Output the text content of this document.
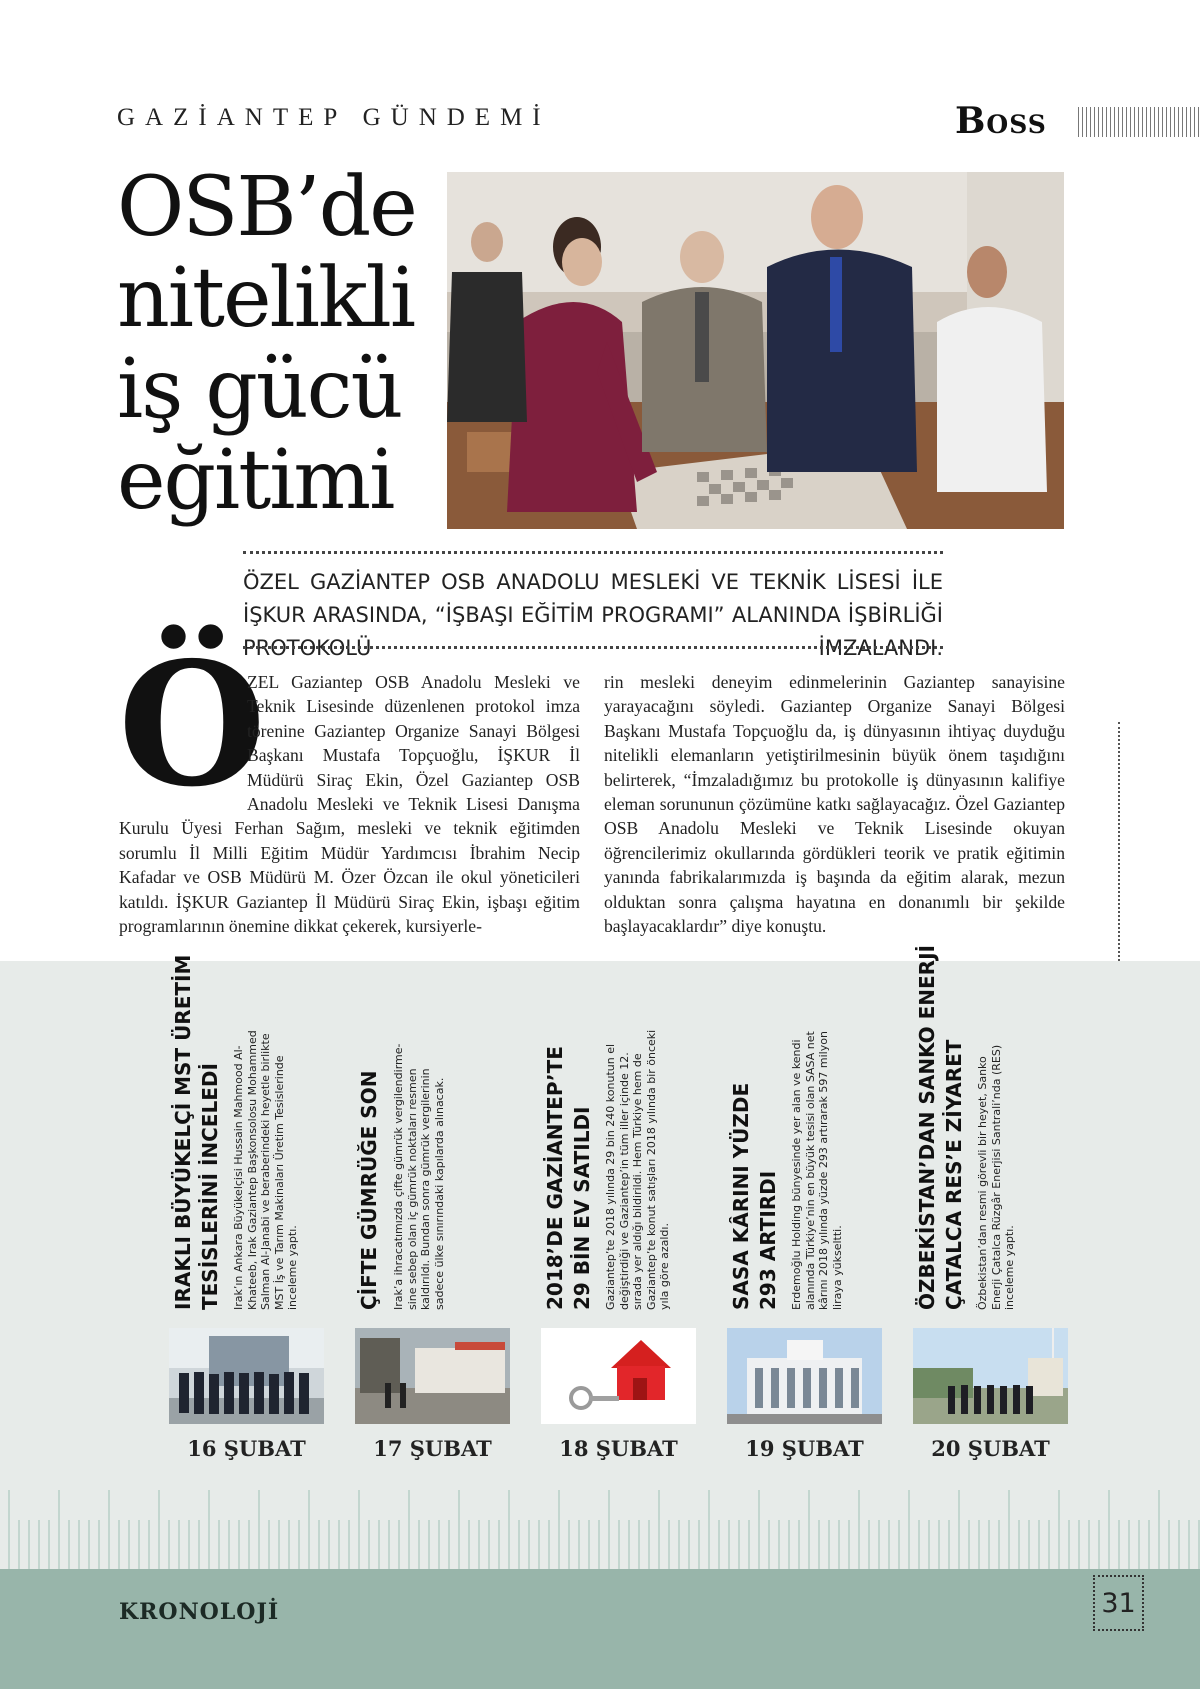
GAZİANTEP GÜNDEMİ	Boss
OSB’de
nitelikli
iş gücü
eğitimi
ÖZEL GAZİANTEP OSB ANADOLU MESLEKİ VE TEKNİK LİSESİ İLE İŞKUR ARASINDA, “İŞBAŞI EĞİTİM PROGRAMI” ALANINDA İŞBİRLİĞİ PROTOKOLÜ İMZALANDI.
Ö
ZEL Gaziantep OSB Anadolu Mesleki ve Teknik Lisesinde düzenlenen protokol imza törenine Gaziantep Organize Sanayi Bölgesi Başkanı Mustafa Topçuoğlu, İŞKUR İl Müdürü Siraç Ekin, Özel Gaziantep OSB Anadolu Mesleki ve Teknik Lisesi Danışma Kurulu Üyesi Ferhan Sağım, mesleki ve teknik eğitimden sorumlu İl Milli Eğitim Müdür Yardımcısı İbrahim Necip Kafadar ve OSB Müdürü M. Özer Özcan ile okul yöneticileri katıldı. İŞKUR Gaziantep İl Müdürü Siraç Ekin, işbaşı eğitim programlarının önemine dikkat çekerek, kursiyerle-
rin mesleki deneyim edinmelerinin Gaziantep sanayisine yarayacağını söyledi. Gaziantep Organize Sanayi Bölgesi Başkanı Mustafa Topçuoğlu da, iş dünyasının ihtiyaç duyduğu nitelikli elemanların yetiştirilmesinin büyük önem taşıdığını belirterek, “İmzaladığımız bu protokolle iş dünyasının kalifiye eleman sorununun çözümüne katkı sağlayacağız. Özel Gaziantep OSB Anadolu Mesleki ve Teknik Lisesinde okuyan öğrencilerimiz okullarında gördükleri teorik ve pratik eğitimin yanında fabrikalarımızda iş başında da eğitim alarak, mezun olduktan sonra çalışma hayatına en donanımlı bir şekilde başlayacaklardır” diye konuştu.
IRAKLI BÜYÜKELÇİ MST ÜRETİM TESİSLERİNİ İNCELEDİ Irak’ın Ankara Büyükelçisi Hussain Mahmood Al- Khateeb, Irak Gaziantep Başkonsolosu Mohammed Salman Al-Janabi ve beraberindeki heyetle birlikte MST İş ve Tarım Makinaları Üretim Tesislerinde inceleme yaptı.
16 ŞUBAT
ÇİFTE GÜMRÜĞE SON Irak’a ihracatımızda çifte gümrük vergilendirme- sine sebep olan iç gümrük noktaları resmen kaldırıldı. Bundan sonra gümrük vergilerinin sadece ülke sınırındaki kapılarda alınacak.
17 ŞUBAT
2018’DE GAZİANTEP’TE 29 BİN EV SATILDI Gaziantep’te 2018 yılında 29 bin 240 konutun el değiştirdiği ve Gaziantep’in tüm iller içinde 12. sırada yer aldığı bildirildi. Hem Türkiye hem de Gaziantep’te konut satışları 2018 yılında bir önceki yıla göre azaldı.
18 ŞUBAT
SASA KÂRINI YÜZDE 293 ARTIRDI Erdemoğlu Holding bünyesinde yer alan ve kendi alanında Türkiye’nin en büyük tesisi olan SASA net kârını 2018 yılında yüzde 293 artırarak 597 milyon liraya yükseltti.
19 ŞUBAT
ÖZBEKİSTAN’DAN SANKO ENERJİ ÇATALCA RES’E ZİYARET Özbekistan’dan resmi görevli bir heyet, Sanko Enerji Çatalca Rüzgâr Enerjisi Santrali’nda (RES) inceleme yaptı.
20 ŞUBAT
KRONOLOJİ	31
